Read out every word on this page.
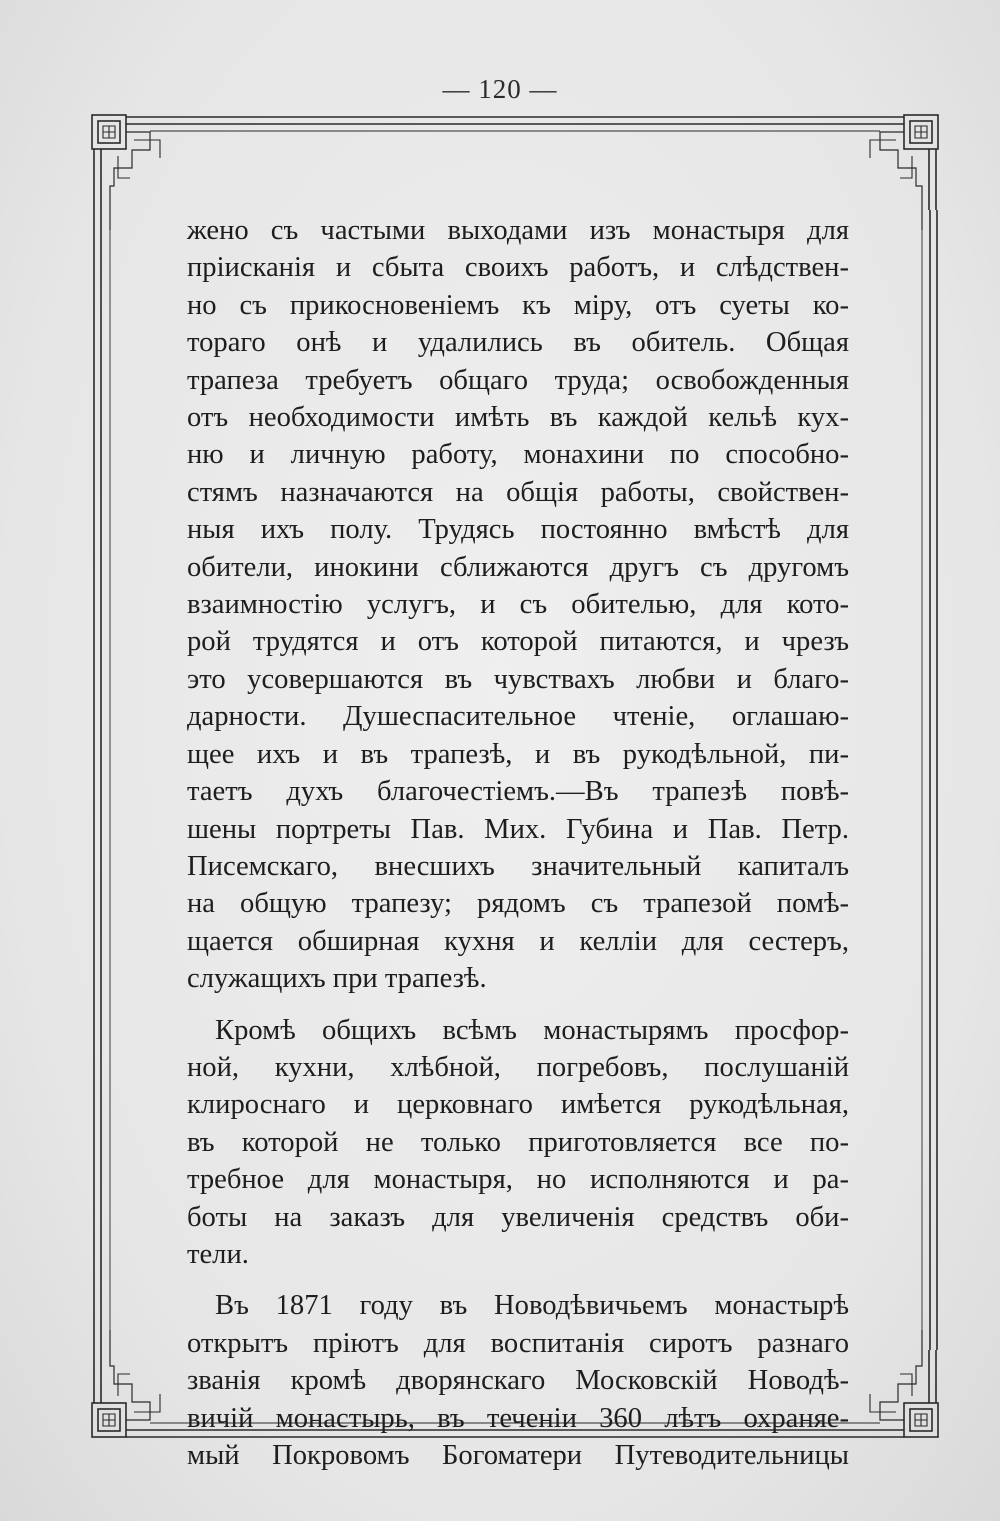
— 120 —
жено съ частыми выходами изъ монастыря для
пріисканія и сбыта своихъ работъ, и слѣдствен-
но съ прикосновеніемъ къ міру, отъ суеты ко-
тораго онѣ и удалились въ обитель. Общая
трапеза требуетъ общаго труда; освобожденныя
отъ необходимости имѣть въ каждой кельѣ кух-
ню и личную работу, монахини по способно-
стямъ назначаются на общія работы, свойствен-
ныя ихъ полу. Трудясь постоянно вмѣстѣ для
обители, инокини сближаются другъ съ другомъ
взаимностію услугъ, и съ обителью, для кото-
рой трудятся и отъ которой питаются, и чрезъ
это усовершаются въ чувствахъ любви и благо-
дарности. Душеспасительное чтеніе, оглашаю-
щее ихъ и въ трапезѣ, и въ рукодѣльной, пи-
таетъ духъ благочестіемъ.—Въ трапезѣ повѣ-
шены портреты Пав. Мих. Губина и Пав. Петр.
Писемскаго, внесшихъ значительный капиталъ
на общую трапезу; рядомъ съ трапезой помѣ-
щается обширная кухня и келліи для сестеръ,
служащихъ при трапезѣ.
Кромѣ общихъ всѣмъ монастырямъ просфор-
ной, кухни, хлѣбной, погребовъ, послушаній
клироснаго и церковнаго имѣется рукодѣльная,
въ которой не только приготовляется все по-
требное для монастыря, но исполняются и ра-
боты на заказъ для увеличенія средствъ оби-
тели.
Въ 1871 году въ Новодѣвичьемъ монастырѣ
открытъ пріютъ для воспитанія сиротъ разнаго
званія кромѣ дворянскаго Московскій Новодѣ-
вичій монастырь, въ теченіи 360 лѣтъ охраняе-
мый Покровомъ Богоматери Путеводительницы
